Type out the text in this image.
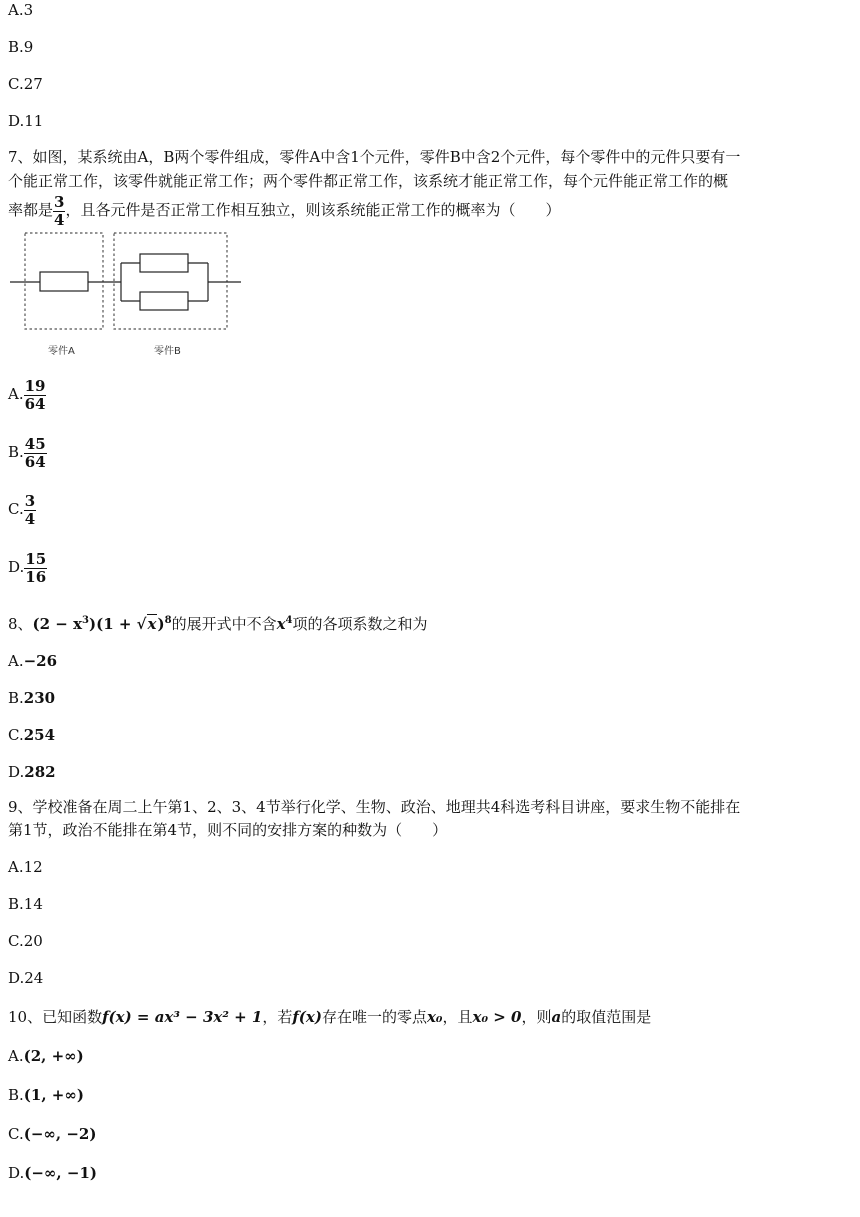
A.3
B.9
C.27
D.11
7、如图，某系统由A，B两个零件组成，零件A中含1个元件，零件B中含2个元件，每个零件中的元件只要有一
个能正常工作，该零件就能正常工作；两个零件都正常工作，该系统才能正常工作，每个元件能正常工作的概
率都是 $\frac{3}{4}$ ，且各元件是否正常工作相互独立，则该系统能正常工作的概率为（　　）
零件A	零件B
A. $\frac{19}{64}$
B. $\frac{45}{64}$
C. $\frac{3}{4}$
D. $\frac{15}{16}$
8、$(2 - x^3)(1 + √x)^8$的展开式中不含$x^4$项的各项系数之和为
A.−26
B.230
C.254
D.282
9、学校准备在周二上午第1、2、3、4节举行化学、生物、政治、地理共4科选考科目讲座，要求生物不能排在
第1节，政治不能排在第4节，则不同的安排方案的种数为（　　）
A.12
B.14
C.20
D.24
10、已知函数f(x) = ax³ − 3x² + 1，若f(x)存在唯一的零点x₀，且x₀ > 0，则a的取值范围是
A.(2, +∞)
B.(1, +∞)
C.(−∞, −2)
D.(−∞, −1)
